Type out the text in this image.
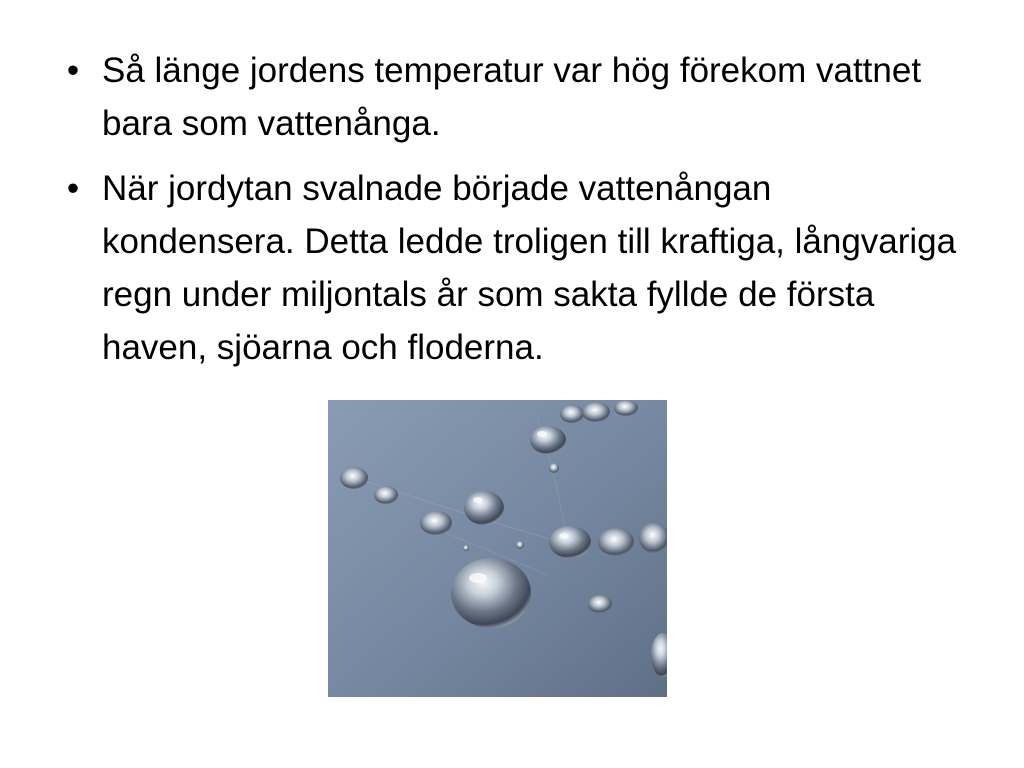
• Så länge jordens temperatur var hög förekom vattnet bara som vattenånga.
• När jordytan svalnade började vattenångan kondensera. Detta ledde troligen till kraftiga, långvariga regn under miljontals år som sakta fyllde de första haven, sjöarna och floderna.
